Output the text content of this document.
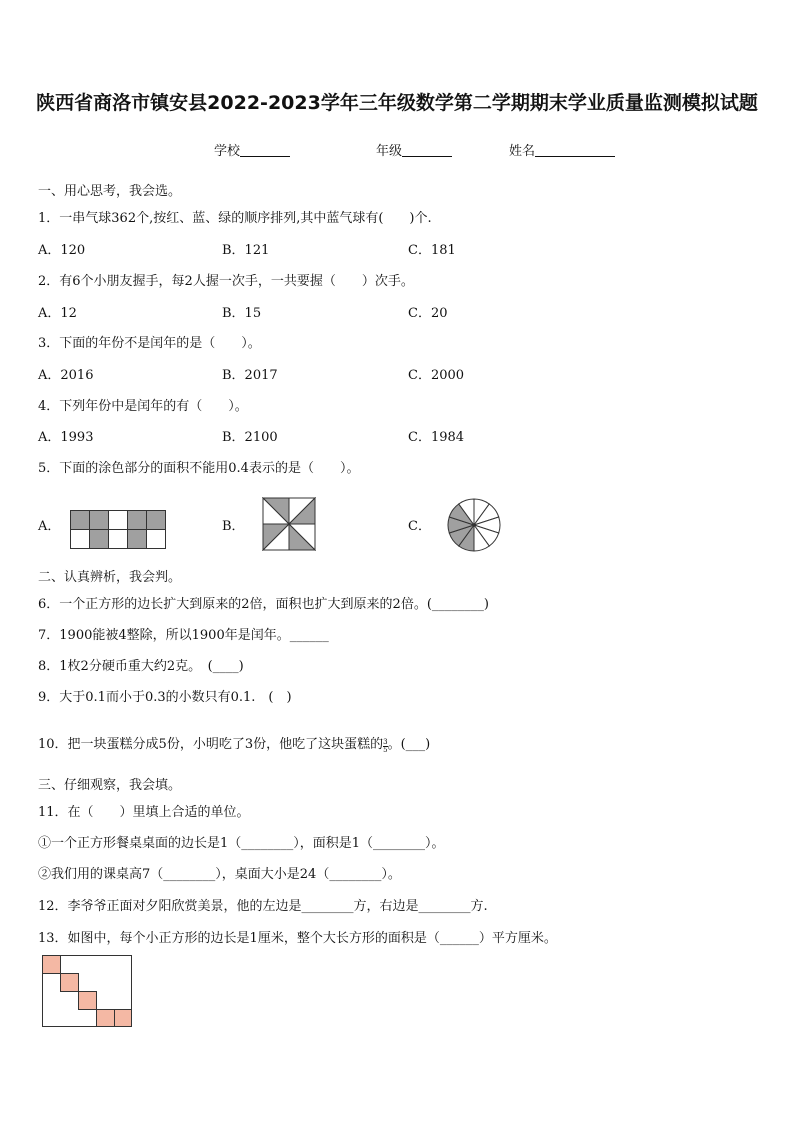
陕西省商洛市镇安县2022-2023学年三年级数学第二学期期末学业质量监测模拟试题
学校	年级	姓名
一、用心思考，我会选。
1．一串气球362个,按红、蓝、绿的顺序排列,其中蓝气球有(　　)个.
A．120	B．121	C．181
2．有6个小朋友握手，每2人握一次手，一共要握（　　）次手。
A．12	B．15	C．20
3．下面的年份不是闰年的是（　　）。
A．2016	B．2017	C．2000
4．下列年份中是闰年的有（　　）。
A．1993	B．2100	C．1984
5．下面的涂色部分的面积不能用0.4表示的是（　　）。
A．	B．	C．
二、认真辨析，我会判。
6．一个正方形的边长扩大到原来的2倍，面积也扩大到原来的2倍。(________)
7．1900能被4整除，所以1900年是闰年。______
8．1枚2分硬币重大约2克。　(____)
9．大于0.1而小于0.3的小数只有0.1.　(　)
10．把一块蛋糕分成5份，小明吃了3份，他吃了这块蛋糕的 $\frac{3}{5}$ 。(___)
三、仔细观察，我会填。
11．在（　　）里填上合适的单位。
①一个正方形餐桌桌面的边长是1（________），面积是1（________）。
②我们用的课桌高7（________），桌面大小是24（________）。
12．李爷爷正面对夕阳欣赏美景，他的左边是________方，右边是________方.
13．如图中，每个小正方形的边长是1厘米，整个大长方形的面积是（______）平方厘米。
